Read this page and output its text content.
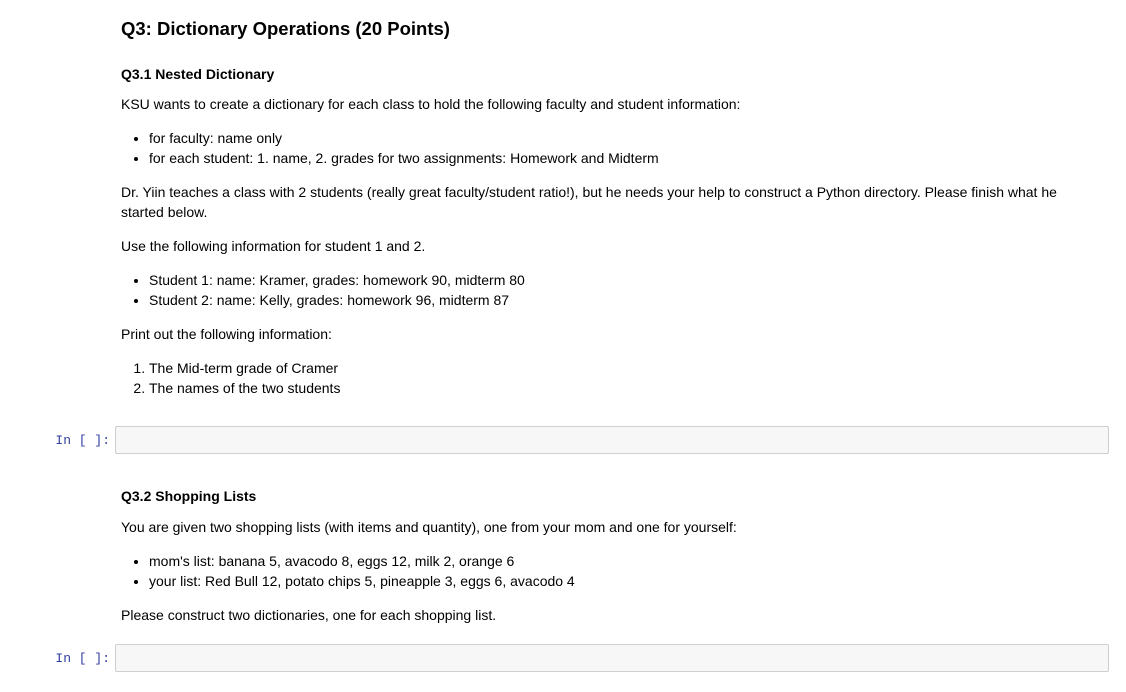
Q3: Dictionary Operations (20 Points)
Q3.1 Nested Dictionary

KSU wants to create a dictionary for each class to hold the following faculty and student information:

• for faculty: name only
• for each student: 1. name, 2. grades for two assignments: Homework and Midterm

Dr. Yiin teaches a class with 2 students (really great faculty/student ratio!), but he needs your help to construct a Python directory. Please finish what he started below.

Use the following information for student 1 and 2.

• Student 1: name: Kramer, grades: homework 90, midterm 80
• Student 2: name: Kelly, grades: homework 96, midterm 87

Print out the following information:

1. The Mid-term grade of Cramer
2. The names of the two students
In [ ]:
Q3.2 Shopping Lists

You are given two shopping lists (with items and quantity), one from your mom and one for yourself:

• mom's list: banana 5, avacodo 8, eggs 12, milk 2, orange 6
• your list: Red Bull 12, potato chips 5, pineapple 3, eggs 6, avacodo 4

Please construct two dictionaries, one for each shopping list.

In [ ]:
